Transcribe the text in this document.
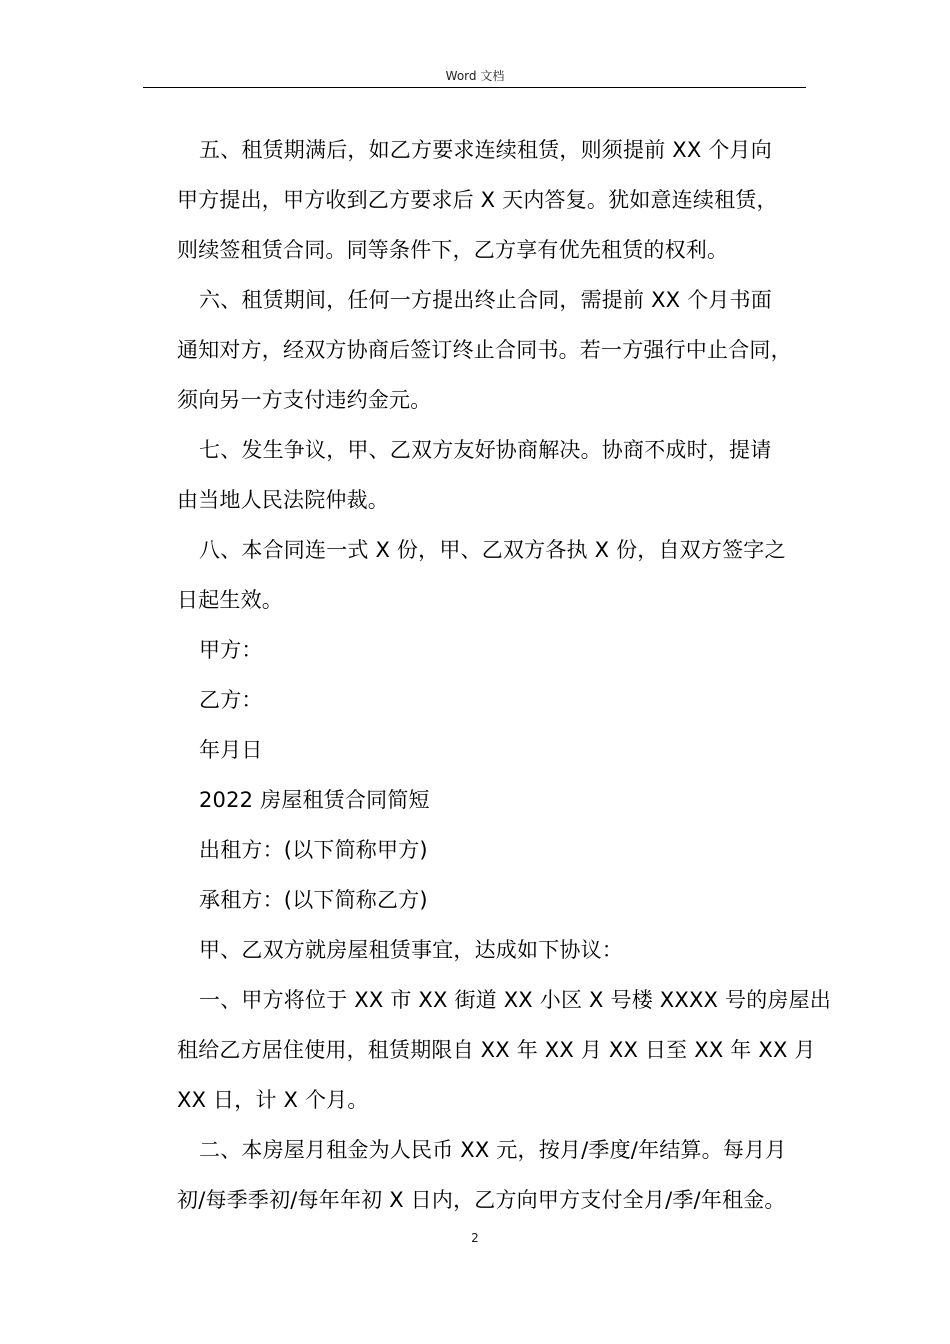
Word 文档
五、租赁期满后，如乙方要求连续租赁，则须提前 XX 个月向
甲方提出，甲方收到乙方要求后 X 天内答复。犹如意连续租赁，
则续签租赁合同。同等条件下，乙方享有优先租赁的权利。
六、租赁期间，任何一方提出终止合同，需提前 XX 个月书面
通知对方，经双方协商后签订终止合同书。若一方强行中止合同，
须向另一方支付违约金元。
七、发生争议，甲、乙双方友好协商解决。协商不成时，提请
由当地人民法院仲裁。
八、本合同连一式 X 份，甲、乙双方各执 X 份，自双方签字之
日起生效。
甲方：
乙方：
年月日
2022 房屋租赁合同简短
出租方：(以下简称甲方)
承租方：(以下简称乙方)
甲、乙双方就房屋租赁事宜，达成如下协议：
一、甲方将位于 XX 市 XX 街道 XX 小区 X 号楼 XXXX 号的房屋出
租给乙方居住使用，租赁期限自 XX 年 XX 月 XX 日至 XX 年 XX 月
XX 日，计 X 个月。
二、本房屋月租金为人民币 XX 元，按月/季度/年结算。每月月
初/每季季初/每年年初 X 日内，乙方向甲方支付全月/季/年租金。
2
